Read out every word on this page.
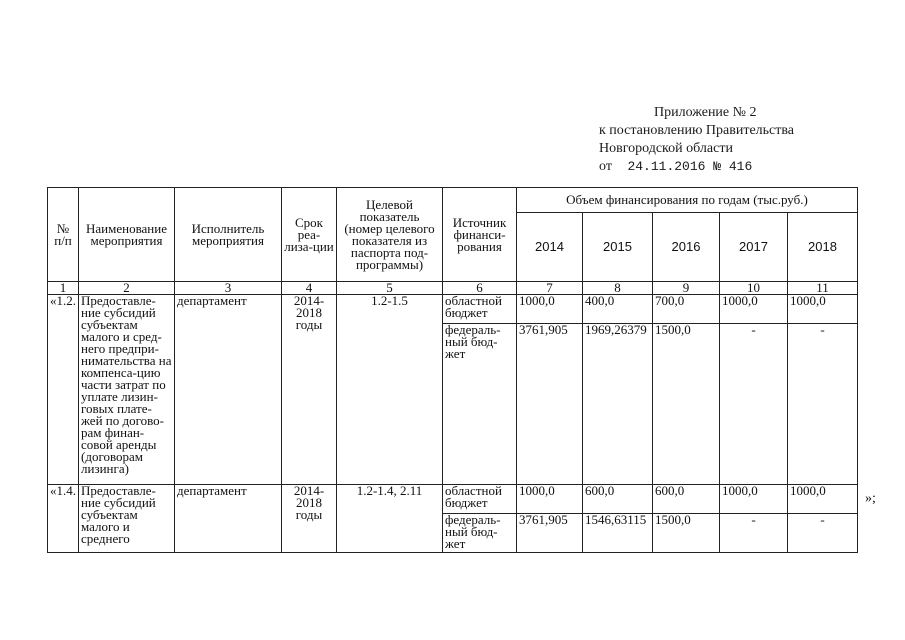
Приложение № 2
к постановлению Правительства
Новгородской области
от 24.11.2016 № 416
№ п/п	Наименование мероприятия	Исполнитель мероприятия	Срок реа-лиза-ции	Целевой показатель (номер целевого показателя из паспорта под-программы)	Источник финанси-рования	Объем финансирования по годам (тыс.руб.)				
						2014	2015	2016	2017	2018
1	2	3	4	5	6	7	8	9	10	11
«1.2.	Предоставле-ние субсидий субъектам малого и сред-него предпри-нимательства на компенса-цию части затрат по уплате лизин-говых плате-жей по догово-рам финан-совой аренды (договорам лизинга)	департамент	2014-2018 годы	1.2-1.5	областной бюджет	1000,0	400,0	700,0	1000,0	1000,0
					федераль-ный бюд-жет	3761,905	1969,26379	1500,0	-	-
«1.4.	Предоставле-ние субсидий субъектам малого и среднего	департамент	2014-2018 годы	1.2-1.4, 2.11	областной бюджет	1000,0	600,0	600,0	1000,0	1000,0
					федераль-ный бюд-жет	3761,905	1546,63115	1500,0	-	-
»;
